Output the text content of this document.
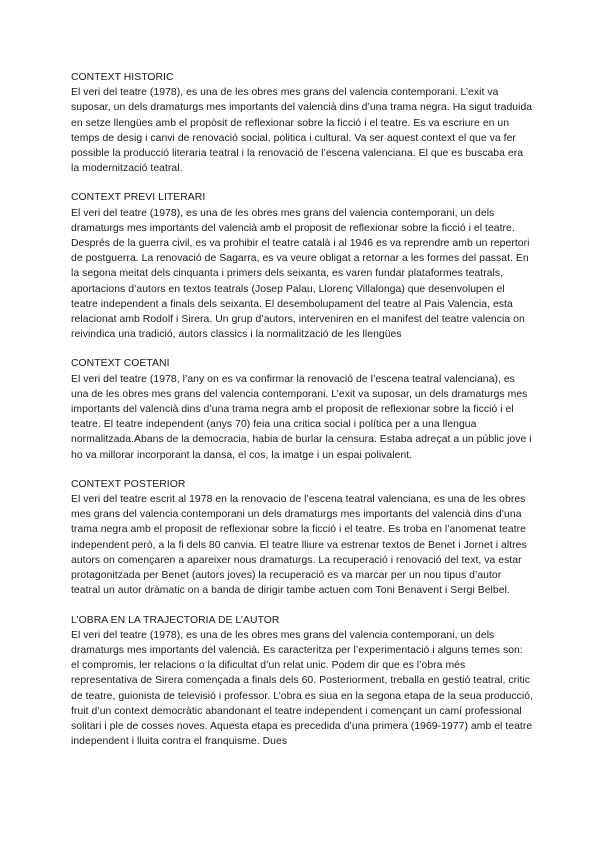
CONTEXT HISTORIC

El veri del teatre (1978), es una de les obres mes grans del valencia contemporani. L’exit va suposar, un dels dramaturgs mes importants del valencià dins d’una trama negra. Ha sigut traduida en setze llengües amb el propòsit de reflexionar sobre la ficció i el teatre. Es va escriure en un temps de desig i canvi de renovació social, politica i cultural. Va ser aquest context el que va fer possible la producció literaria teatral i la renovació de l’escena valenciana. El que es buscaba era la modernització teatral.

CONTEXT PREVI LITERARI

El veri del teatre (1978), es una de les obres mes grans del valencia contemporani, un dels dramaturgs mes importants del valencià amb el proposit de reflexionar sobre la ficció i el teatre. Després de la guerra civil, es va prohibir el teatre català i al 1946 es va reprendre amb un repertori de postguerra. La renovació de Sagarra, es va veure obligat a retornar a les formes del passat. En la segona meitat dels cinquanta i primers dels seixanta, es varen fundar plataformes teatrals, aportacions d’autors en textos teatrals (Josep Palau, Llorenç Villalonga) que desenvolupen el teatre independent a finals dels seixanta. El desembolupament del teatre al Pais Valencia, esta relacionat amb Rodolf i Sirera. Un grup d’autors, interveniren en el manifest del teatre valencia on reivindica una tradició, autors classics i la normalització de les llengües

CONTEXT COETANI

El veri del teatre (1978, l’any on es va confirmar la renovació de l’escena teatral valenciana), es una de les obres mes grans del valencia contemporani. L’exit va suposar, un dels dramaturgs mes importants del valencià dins d’una trama negra amb el proposit de reflexionar sobre la ficció i el teatre. El teatre independent (anys 70) feia una critica social i política per a una llengua normalitzada.Abans de la democracia, habia de burlar la censura. Estaba adreçat a un públic jove i ho va millorar incorporant la dansa, el cos, la imatge i un espai polivalent.

CONTEXT POSTERIOR

El veri del teatre escrit al 1978 en la renovacio de l’escena teatral valenciana, es una de les obres mes grans del valencia contemporani un dels dramaturgs mes importants del valencià dins d’una trama negra amb el proposit de reflexionar sobre la ficció i el teatre. Es troba en l’anomenat teatre independent però, a la fi dels 80 canvia. El teatre lliure va estrenar textos de Benet i Jornet i altres autors on començaren a apareixer nous dramaturgs. La recuperació i renovació del text, va estar protagonitzada per Benet (autors joves) la recuperació es va marcar per un nou tipus d’autor teatral un autor dràmatic on a banda de dirigir tambe actuen com Toni Benavent i Sergi Belbel.

L’OBRA EN LA TRAJECTORIA DE L’AUTOR

El veri del teatre (1978), es una de les obres mes grans del valencia contemporani, un dels dramaturgs mes importants del valencià. Es caracteritza per l’experimentació i alguns temes son: el compromis, ler relacions o la dificultat d’un relat unic. Podem dir que es l’obra més representativa de Sirera començada a finals dels 60. Posteriorment, treballa en gestió teatral, critic de teatre, guionista de televisió i professor. L’obra es siua en la segona etapa de la seua producció, fruit d’un context democràtic abandonant el teatre independent i començant un camí professional solitari i ple de cosses noves. Aquesta etapa es precedida d’una primera (1969-1977) amb el teatre independent i lluita contra el franquisme. Dues
